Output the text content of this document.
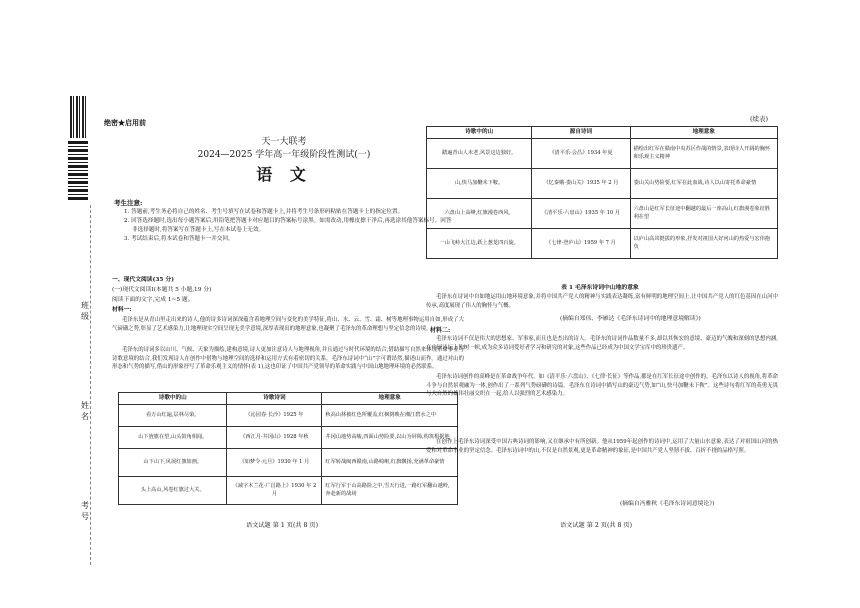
班级
姓名
考号
绝密★启用前
天一大联考
2024—2025 学年高一年级阶段性测试(一)
语 文
考生注意:
1. 答题前,考生务必将自己的姓名、考生号填写在试卷和答题卡上,并将考生号条形码粘贴在答题卡上的指定位置。
2. 回答选择题时,选出每小题答案后,用铅笔把答题卡对应题目的答案标号涂黑。如需改动,用橡皮擦干净后,再选涂其他答案标号。回答非选择题时,将答案写在答题卡上,写在本试卷上无效。
3. 考试结束后,将本试卷和答题卡一并交回。
一、现代文阅读(35 分)
(一)现代文阅读Ⅰ(本题共 5 小题,19 分)
阅读下面的文字,完成 1~5 题。
材料一:
毛泽东是从青山里走出来的诗人,他的诗多诗词深深蕴含着地理空间与变化的美学特征,将山、水、云、雪、霜、树等地理事物运用自如,形成了大气磅礴之势,彰显了艺术感染力,让地理现实空间呈现无美学意境,深厚表现出的地理意象,也凝聚了毛泽东的革命理想与坚定信念的诗境。
毛泽东的诗词多以山川、气候、天象为描绘,建构意境,诗人更加注意诗人与地理视角,并且通过与时代环境的结合,借助描写自然来体现革命事业与诗歌意境的结合,我们发现诗人在创作中借物与地理空间的选择和运用方式有着密切的关系。毛泽东诗词中“山”字可谓昂然,描述山而作。通过对山的形态和气势的描写,借山的形象抒写了革命乐观主义的情怀(表 1),这也印证了中国共产党领导的革命实践与中国山地地理环境的必然联系。
诗歌中的山	诗歌诗词	地理意象
看万山红遍,层林尽染。	《沁园春·长沙》1925 年	秋高山林被红色所覆盖,红枫倒映在湘江碧水之中
山下旌旗在望,山头鼓角相闻。	《西江月·井冈山》1928 年秋	井冈山地势高峻,四面山势险要,以山为屏障,构筑根据地
山下山下,风展红旗如画。	《如梦令·元旦》1930 年 1 月	红军转战闽西赣南,山路崎岖,红旗飘扬,充满革命豪情
头上高山,风卷红旗过大关。	《减字木兰花·广昌路上》1930 年 2 月	红军行军于山高路险之中,雪天行进,一路红军翻山越岭,奔赴新的战场
语文试题 第 1 页(共 8 页)
(续表)
诗歌中的山	源自诗词	地理意象
踏遍青山人未老,风景这边独好。	《清平乐·会昌》1934 年夏	描绘出红军在赣南中央苏区作战的情景,表现诗人开阔的胸怀和乐观主义精神
山,快马加鞭未下鞍。	《忆秦娥·娄山关》1935 年 2 月	娄山关山势险要,红军在此血战,诗人以山寄托革命豪情
六盘山上高峰,红旗漫卷西风。	《清平乐·六盘山》1935 年 10 月	六盘山是红军长征途中翻越的最后一座高山,红旗漫卷象征胜利在望
一山飞峙大江边,跃上葱茏四百旋。	《七律·登庐山》1959 年 7 月	以庐山高耸挺拔的形象,抒发对祖国大好河山的热爱与宏伟抱负
表 1 毛泽东诗词中山地的意象
毛泽东在诗词中自如地运用山地环境意象,并将中国共产党人的精神与实践表达凝练,富有鲜明的地理空间上,让中国共产党人的红色基因在山河中传承,高度展现了伟人的胸怀与气概。
(摘编自郑伟、李雁达《毛泽东诗词中的地理意境解读》)
材料二:
毛泽东诗词不仅是伟大的思想家、军事家,而且也是杰出的诗人。毛泽东的诗词作品数量不多,却以其恢宏的意境、豪迈的气魄和深刻的思想内涵,在中国诗坛上独树一帜,成为众多诗词爱好者学习和研究的对象,这些作品已经成为中国文学宝库中的珍贵遗产。
毛泽东诗词创作的高峰是在革命战争年代。如《清平乐·六盘山》、《七律·长征》等作品,都是在红军长征途中创作的。毛泽东以诗人的视角,将革命斗争与自然景观融为一体,创作出了一系列气势磅礴的诗篇。毛泽东在诗词中描写山的豪迈气势,如“山,快马加鞭未下鞍”。这些诗句将红军的英勇无畏与大自然的雄伟壮丽交织在一起,给人以强烈的艺术感染力。
在创作上毛泽东诗词深受中国古典诗词的影响,又在继承中有所创新。他从1959年起创作的诗词中,运用了大量山水意象,表达了对祖国山河的热爱和对革命事业的坚定信念。毛泽东诗词中的山,不仅是自然景观,更是革命精神的象征,是中国共产党人坚韧不拔、百折不挠的品格写照。
(摘编自冯雅秋《毛泽东诗词意境论》)
语文试题 第 2 页(共 8 页)
